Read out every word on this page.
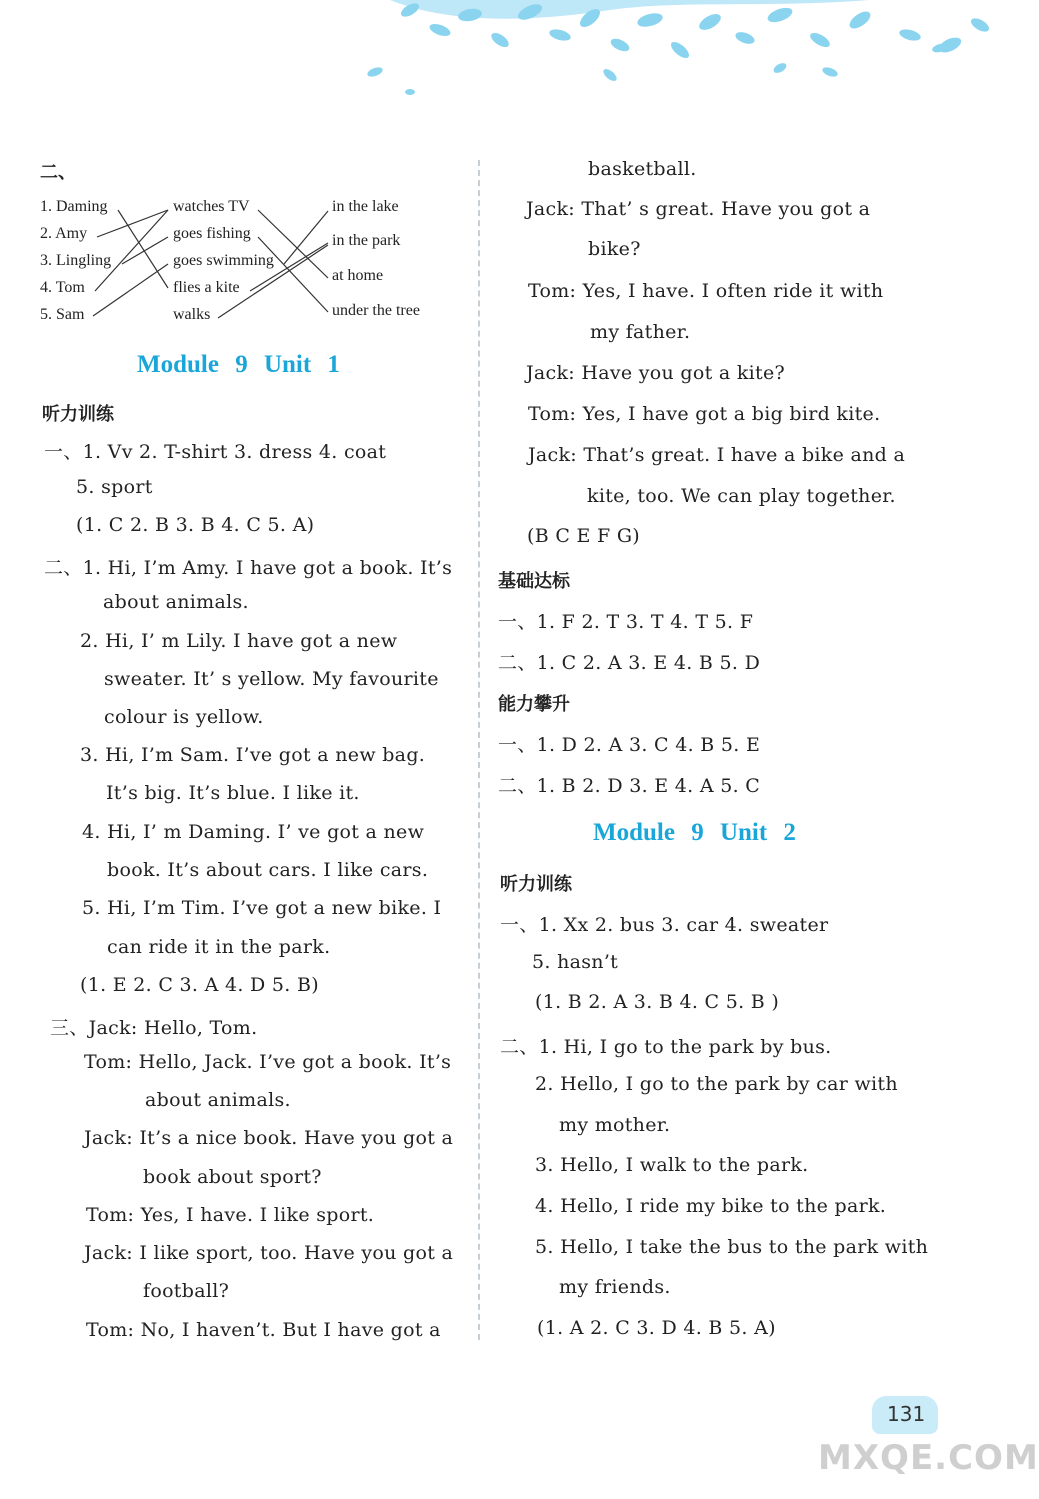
二、
1. Daming
2. Amy
3. Lingling
4. Tom
5. Sam
watches TV
goes fishing
goes swimming
flies a kite
walks
in the lake
in the park
at home
under the tree
Module 9 Unit 1
听力训练
一、1. Vv 2. T-shirt 3. dress 4. coat
5. sport
(1. C 2. B 3. B 4. C 5. A)
二、1. Hi, I’m Amy. I have got a book. It’s
about animals.
2. Hi, I’ m Lily. I have got a new
sweater. It’ s yellow. My favourite
colour is yellow.
3. Hi, I’m Sam. I’ve got a new bag.
It’s big. It’s blue. I like it.
4. Hi, I’ m Daming. I’ ve got a new
book. It’s about cars. I like cars.
5. Hi, I’m Tim. I’ve got a new bike. I
can ride it in the park.
(1. E 2. C 3. A 4. D 5. B)
三、Jack: Hello, Tom.
Tom: Hello, Jack. I’ve got a book. It’s
about animals.
Jack: It’s a nice book. Have you got a
book about sport?
Tom: Yes, I have. I like sport.
Jack: I like sport, too. Have you got a
football?
Tom: No, I haven’t. But I have got a
basketball.
Jack: That’ s great. Have you got a
bike?
Tom: Yes, I have. I often ride it with
my father.
Jack: Have you got a kite?
Tom: Yes, I have got a big bird kite.
Jack: That’s great. I have a bike and a
kite, too. We can play together.
(B C E F G)
基础达标
一、1. F 2. T 3. T 4. T 5. F
二、1. C 2. A 3. E 4. B 5. D
能力攀升
一、1. D 2. A 3. C 4. B 5. E
二、1. B 2. D 3. E 4. A 5. C
Module 9 Unit 2
听力训练
一、1. Xx 2. bus 3. car 4. sweater
5. hasn’t
(1. B 2. A 3. B 4. C 5. B )
二、1. Hi, I go to the park by bus.
2. Hello, I go to the park by car with
my mother.
3. Hello, I walk to the park.
4. Hello, I ride my bike to the park.
5. Hello, I take the bus to the park with
my friends.
(1. A 2. C 3. D 4. B 5. A)
131
MXQE.COM
